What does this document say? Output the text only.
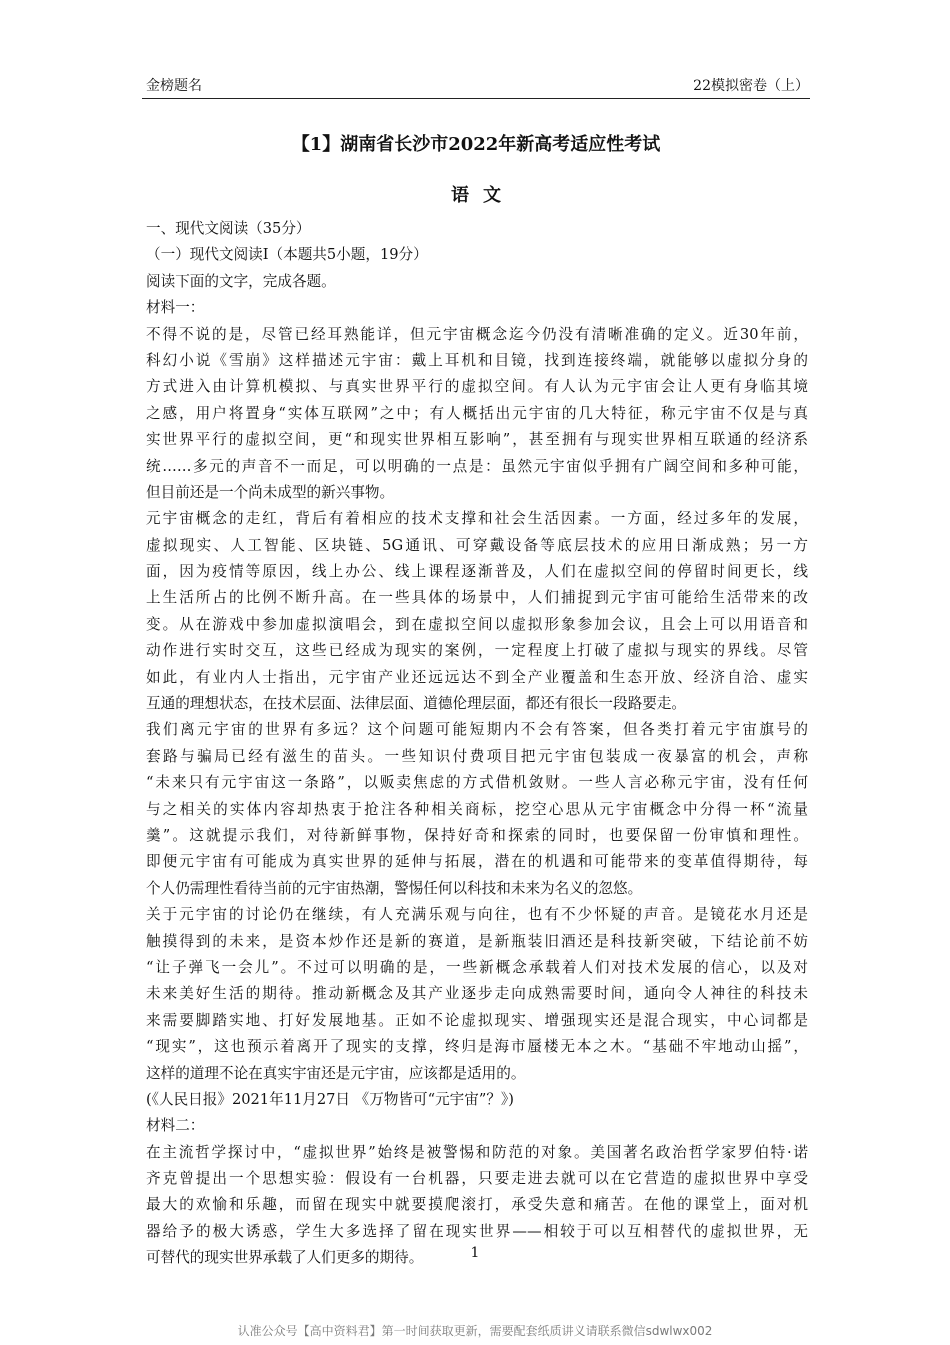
金榜题名	22模拟密卷（上）
【1】湖南省长沙市2022年新高考适应性考试
语文
一、现代文阅读（35分）
（一）现代文阅读Ⅰ（本题共5小题，19分）
阅读下面的文字，完成各题。
材料一：
不得不说的是，尽管已经耳熟能详，但元宇宙概念迄今仍没有清晰准确的定义。近30年前，
科幻小说《雪崩》这样描述元宇宙：戴上耳机和目镜，找到连接终端，就能够以虚拟分身的
方式进入由计算机模拟、与真实世界平行的虚拟空间。有人认为元宇宙会让人更有身临其境
之感，用户将置身“实体互联网”之中；有人概括出元宇宙的几大特征，称元宇宙不仅是与真
实世界平行的虚拟空间，更“和现实世界相互影响”，甚至拥有与现实世界相互联通的经济系
统……多元的声音不一而足，可以明确的一点是：虽然元宇宙似乎拥有广阔空间和多种可能，
但目前还是一个尚未成型的新兴事物。
元宇宙概念的走红，背后有着相应的技术支撑和社会生活因素。一方面，经过多年的发展，
虚拟现实、人工智能、区块链、5G通讯、可穿戴设备等底层技术的应用日渐成熟；另一方
面，因为疫情等原因，线上办公、线上课程逐渐普及，人们在虚拟空间的停留时间更长，线
上生活所占的比例不断升高。在一些具体的场景中，人们捕捉到元宇宙可能给生活带来的改
变。从在游戏中参加虚拟演唱会，到在虚拟空间以虚拟形象参加会议，且会上可以用语音和
动作进行实时交互，这些已经成为现实的案例，一定程度上打破了虚拟与现实的界线。尽管
如此，有业内人士指出，元宇宙产业还远远达不到全产业覆盖和生态开放、经济自洽、虚实
互通的理想状态，在技术层面、法律层面、道德伦理层面，都还有很长一段路要走。
我们离元宇宙的世界有多远？这个问题可能短期内不会有答案，但各类打着元宇宙旗号的
套路与骗局已经有滋生的苗头。一些知识付费项目把元宇宙包装成一夜暴富的机会，声称
“未来只有元宇宙这一条路”，以贩卖焦虑的方式借机敛财。一些人言必称元宇宙，没有任何
与之相关的实体内容却热衷于抢注各种相关商标，挖空心思从元宇宙概念中分得一杯“流量
羹”。这就提示我们，对待新鲜事物，保持好奇和探索的同时，也要保留一份审慎和理性。
即便元宇宙有可能成为真实世界的延伸与拓展，潜在的机遇和可能带来的变革值得期待，每
个人仍需理性看待当前的元宇宙热潮，警惕任何以科技和未来为名义的忽悠。
关于元宇宙的讨论仍在继续，有人充满乐观与向往，也有不少怀疑的声音。是镜花水月还是
触摸得到的未来，是资本炒作还是新的赛道，是新瓶装旧酒还是科技新突破，下结论前不妨
“让子弹飞一会儿”。不过可以明确的是，一些新概念承载着人们对技术发展的信心，以及对
未来美好生活的期待。推动新概念及其产业逐步走向成熟需要时间，通向令人神往的科技未
来需要脚踏实地、打好发展地基。正如不论虚拟现实、增强现实还是混合现实，中心词都是
“现实”，这也预示着离开了现实的支撑，终归是海市蜃楼无本之木。“基础不牢地动山摇”，
这样的道理不论在真实宇宙还是元宇宙，应该都是适用的。
(《人民日报》2021年11月27日 《万物皆可“元宇宙”？》)
材料二：
在主流哲学探讨中，“虚拟世界”始终是被警惕和防范的对象。美国著名政治哲学家罗伯特·诺
齐克曾提出一个思想实验：假设有一台机器，只要走进去就可以在它营造的虚拟世界中享受
最大的欢愉和乐趣，而留在现实中就要摸爬滚打，承受失意和痛苦。在他的课堂上，面对机
器给予的极大诱惑，学生大多选择了留在现实世界——相较于可以互相替代的虚拟世界，无
可替代的现实世界承载了人们更多的期待。	1
认准公众号【高中资料君】第一时间获取更新，需要配套纸质讲义请联系微信sdwlwx002
